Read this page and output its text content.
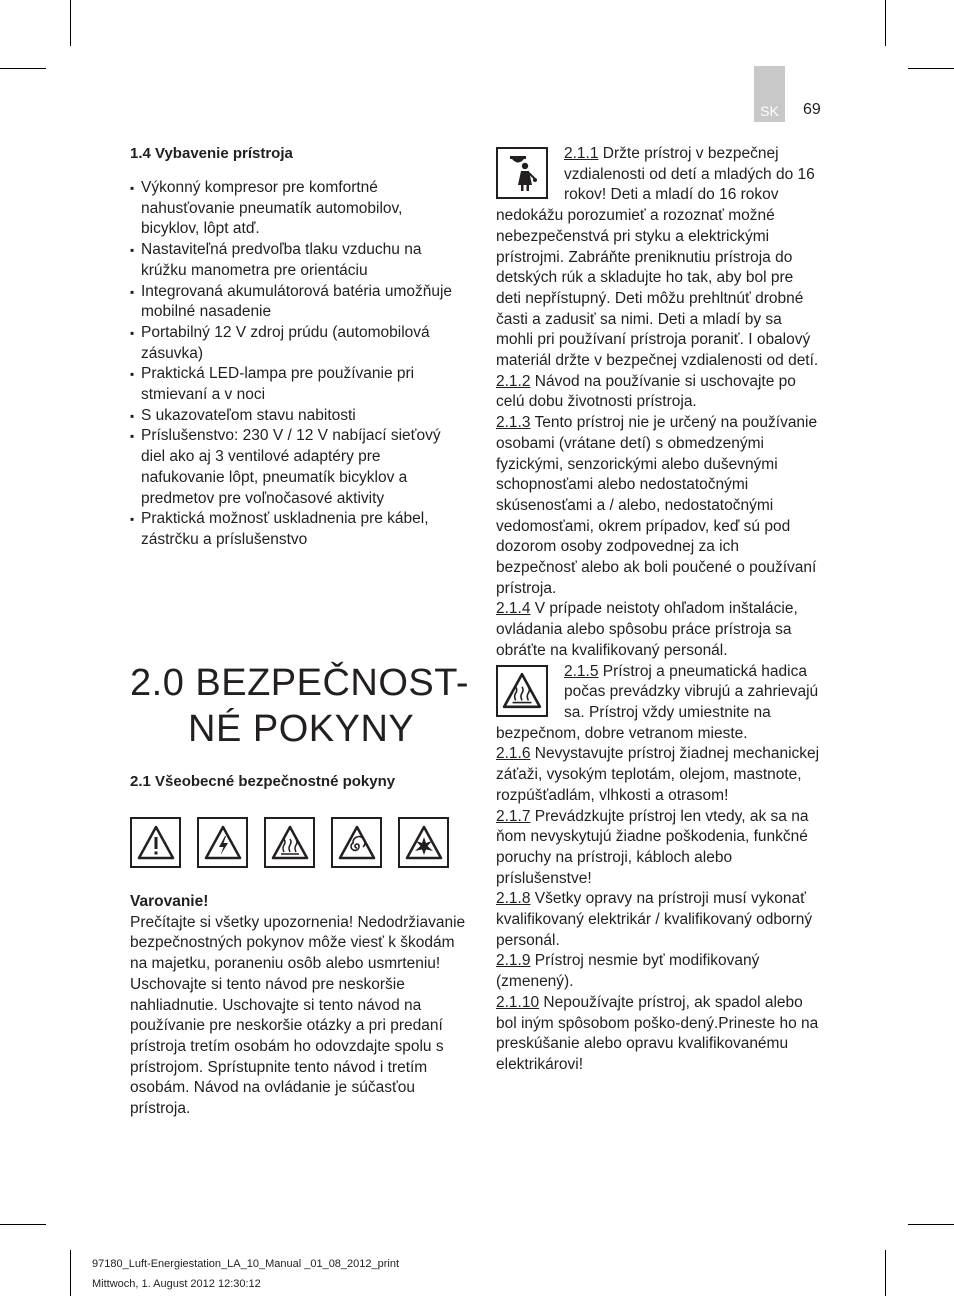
SK 69

1.4 Vybavenie prístroja

▪ Výkonný kompresor pre komfortné nahusťovanie pneumatík automobilov, bicyklov, lôpt atď.
▪ Nastaviteľná predvoľba tlaku vzduchu na krúžku manometra pre orientáciu
▪ Integrovaná akumulátorová batéria umožňuje mobilné nasadenie
▪ Portabilný 12 V zdroj prúdu (automobilová zásuvka)
▪ Praktická LED-lampa pre používanie pri stmievaní a v noci
▪ S ukazovateľom stavu nabitosti
▪ Príslušenstvo: 230 V / 12 V nabíjací sieťový diel ako aj 3 ventilové adaptéry pre nafukovanie lôpt, pneumatík bicyklov a predmetov pre voľnočasové aktivity
▪ Praktická možnosť uskladnenia pre kábel, zástrčku a príslušenstvo
2.0 BEZPEČNOST-
NÉ POKYNY

2.1 Všeobecné bezpečnostné pokyny

Varovanie!

Prečítajte si všetky upozornenia! Nedodržiavanie bezpečnostných pokynov môže viesť k škodám na majetku, poraneniu osôb alebo usmrteniu! Uschovajte si tento návod pre neskoršie nahliadnutie. Uschovajte si tento návod na používanie pre neskoršie otázky a pri predaní prístroja tretím osobám ho odovzdajte spolu s prístrojom. Sprístupnite tento návod i tretím osobám. Návod na ovládanie je súčasťou prístroja.

2.1.1 Držte prístroj v bezpečnej vzdialenosti od detí a mladých do 16 rokov! Deti a mladí do 16 rokov nedokážu porozumieť a rozoznať možné nebezpečenstvá pri styku a elektrickými prístrojmi. Zabráňte preniknutiu prístroja do detských rúk a skladujte ho tak, aby bol pre deti nepřístupný. Deti môžu prehltnúť drobné časti a zadusiť sa nimi. Deti a mladí by sa mohli pri používaní prístroja poraniť. I obalový materiál držte v bezpečnej vzdialenosti od detí.

2.1.2 Návod na používanie si uschovajte po celú dobu životnosti prístroja.

2.1.3 Tento prístroj nie je určený na používanie osobami (vrátane detí) s obmedzenými fyzickými, senzorickými alebo duševnými schopnosťami alebo nedostatočnými skúsenosťami a / alebo, nedostatočnými vedomosťami, okrem prípadov, keď sú pod dozorom osoby zodpovednej za ich bezpečnosť alebo ak boli poučené o používaní prístroja.

2.1.4 V prípade neistoty ohľadom inštalácie, ovládania alebo spôsobu práce prístroja sa obráťte na kvalifikovaný personál.

2.1.5 Prístroj a pneumatická hadica počas prevádzky vibrujú a zahrievajú sa. Prístroj vždy umiestnite na bezpečnom, dobre vetranom mieste.

2.1.6 Nevystavujte prístroj žiadnej mechanickej záťaži, vysokým teplotám, olejom, mastnote, rozpúšťadlám, vlhkosti a otrasom!

2.1.7 Prevádzkujte prístroj len vtedy, ak sa na ňom nevyskytujú žiadne poškodenia, funkčné poruchy na prístroji, kábloch alebo príslušenstve!

2.1.8 Všetky opravy na prístroji musí vykonať kvalifikovaný elektrikár / kvalifikovaný odborný personál.

2.1.9 Prístroj nesmie byť modifikovaný (zmenený).

2.1.10 Nepoužívajte prístroj, ak spadol alebo bol iným spôsobom poško-dený.Prineste ho na preskúšanie alebo opravu kvalifikovanému elektrikárovi!

97180_Luft-Energiestation_LA_10_Manual _01_08_2012_print
Mittwoch, 1. August 2012 12:30:12
